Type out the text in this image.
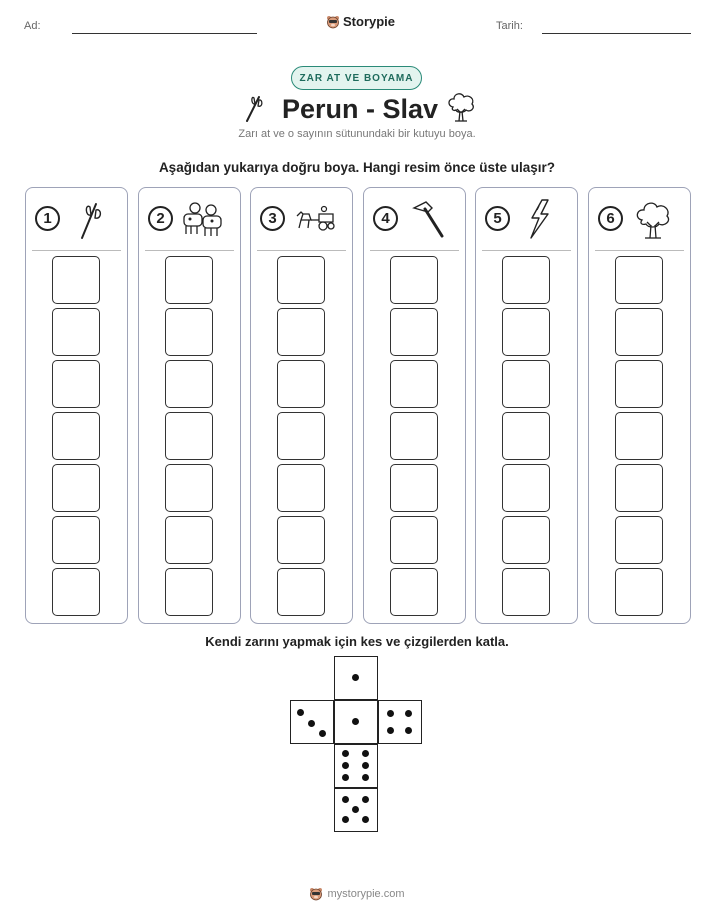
Ad:	Storypie	Tarih:
ZAR AT VE BOYAMA
Perun - Slav
Zarı at ve o sayının sütunundaki bir kutuyu boya.
Aşağıdan yukarıya doğru boya. Hangi resim önce üste ulaşır?
1	2	3	4	5	6
Kendi zarını yapmak için kes ve çizgilerden katla.
mystorypie.com
